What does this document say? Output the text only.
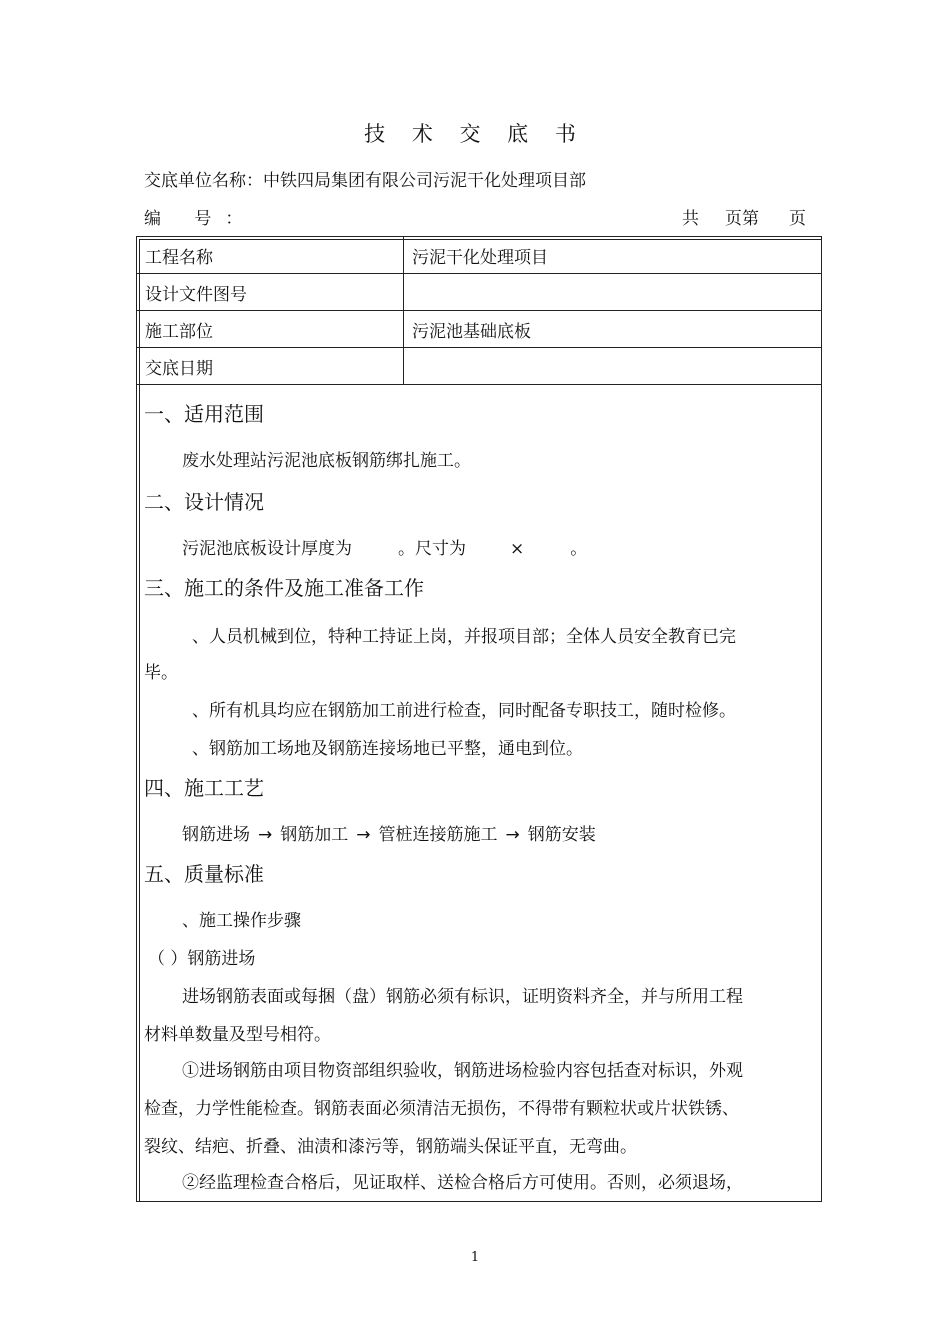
技 术 交 底 书
交底单位名称：中铁四局集团有限公司污泥干化处理项目部
编 号：	共 页第 页
工程名称	污泥干化处理项目
设计文件图号	
施工部位	污泥池基础底板
交底日期	
一、适用范围
废水处理站污泥池底板钢筋绑扎施工。
二、设计情况
污泥池底板设计厚度为	。尺寸为	×	。
三、施工的条件及施工准备工作
、人员机械到位，特种工持证上岗，并报项目部；全体人员安全教育已完
毕。
、所有机具均应在钢筋加工前进行检查，同时配备专职技工，随时检修。
、钢筋加工场地及钢筋连接场地已平整，通电到位。
四、施工工艺
钢筋进场 → 钢筋加工 → 管桩连接筋施工 → 钢筋安装
五、质量标准
、施工操作步骤
（ ）钢筋进场
进场钢筋表面或每捆（盘）钢筋必须有标识，证明资料齐全，并与所用工程
材料单数量及型号相符。
①进场钢筋由项目物资部组织验收，钢筋进场检验内容包括查对标识，外观
检查，力学性能检查。钢筋表面必须清洁无损伤，不得带有颗粒状或片状铁锈、
裂纹、结疤、折叠、油渍和漆污等，钢筋端头保证平直，无弯曲。
②经监理检查合格后，见证取样、送检合格后方可使用。否则，必须退场，
1
